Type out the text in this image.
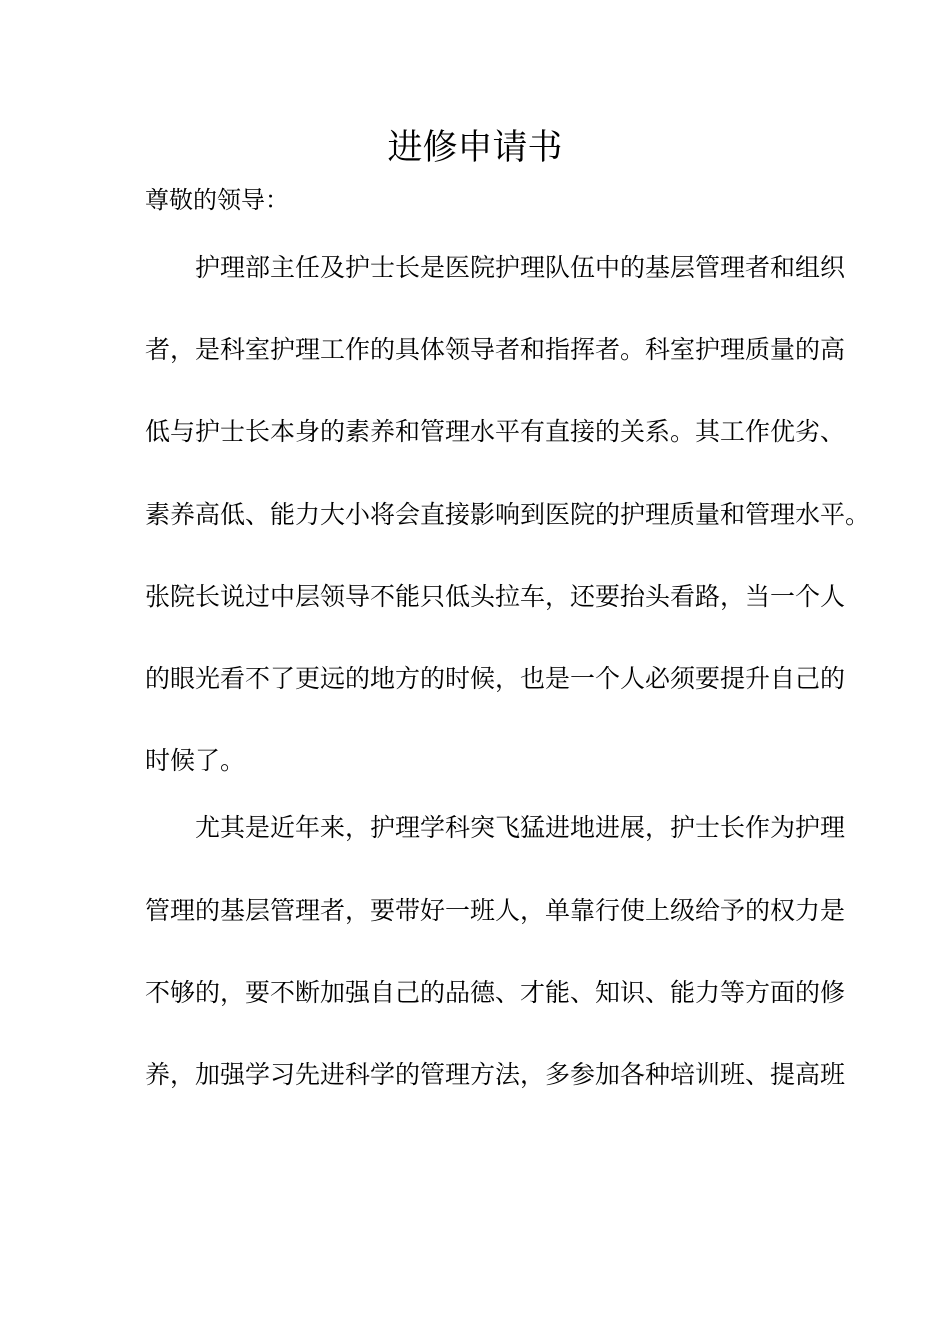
进修申请书
尊敬的领导：
护理部主任及护士长是医院护理队伍中的基层管理者和组织
者，是科室护理工作的具体领导者和指挥者。科室护理质量的高
低与护士长本身的素养和管理水平有直接的关系。其工作优劣、
素养高低、能力大小将会直接影响到医院的护理质量和管理水平。
张院长说过中层领导不能只低头拉车，还要抬头看路，当一个人
的眼光看不了更远的地方的时候，也是一个人必须要提升自己的
时候了。
尤其是近年来，护理学科突飞猛进地进展，护士长作为护理
管理的基层管理者，要带好一班人，单靠行使上级给予的权力是
不够的，要不断加强自己的品德、才能、知识、能力等方面的修
养，加强学习先进科学的管理方法，多参加各种培训班、提高班
